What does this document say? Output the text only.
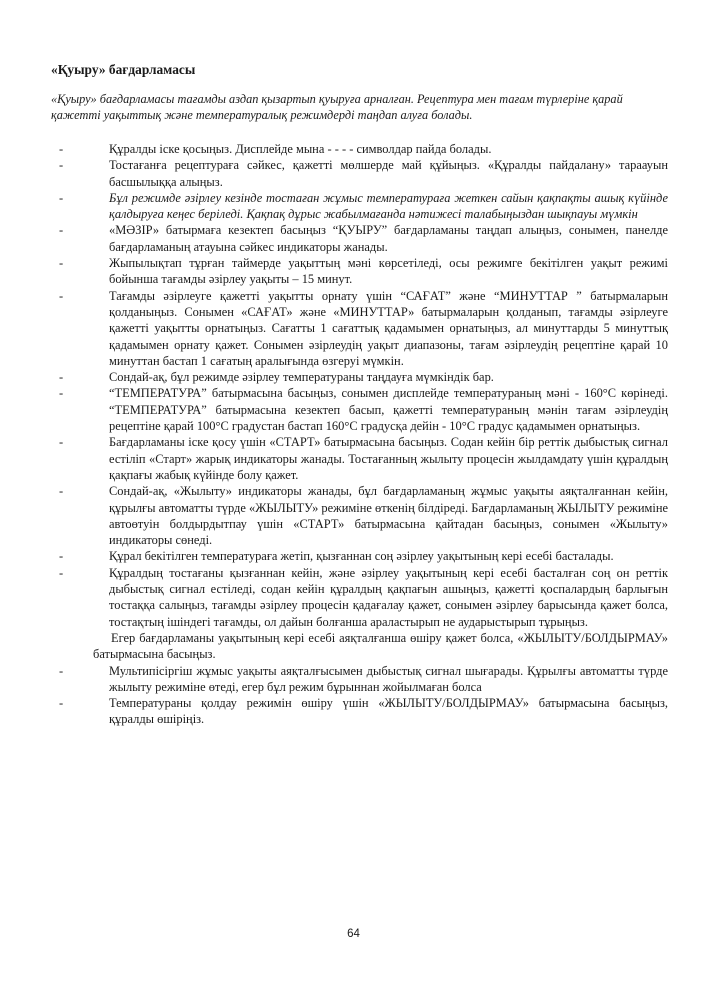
«Қуыру» бағдарламасы

«Қуыру» бағдарламасы тағамды аздап қызартып қуыруға арналған. Рецептура мен тағам түрлеріне қарай қажетті уақыттық және температуралық режимдерді таңдап алуға болады.

-	Құралды іске қосыңыз. Дисплейде мына - - - - символдар пайда болады.
-	Тостағанға рецептураға сәйкес, қажетті мөлшерде май құйыңыз. «Құралды пайдалану» тараауын басшылыққа алыңыз.
-	Бұл режимде әзірлеу кезінде тостаған жұмыс температураға жеткен сайын қақпақты ашық күйінде қалдыруға кеңес беріледі. Қақпақ дұрыс жабылмағанда нәтижесі талабыңыздан шықпауы мүмкін
-	«МӘЗІР» батырмаға кезектеп басыңыз “ҚУЫРУ” бағдарламаны таңдап алыңыз, сонымен, панелде бағдарламаның атауына сәйкес индикаторы жанады.
-	Жыпылықтап тұрған таймерде уақыттың мәні көрсетіледі, осы режимге бекітілген уақыт режимі бойынша тағамды әзірлеу уақыты – 15 минут.
-	Тағамды әзірлеуге қажетті уақытты орнату үшін “САҒАТ” және “МИНУТТАР ” батырмаларын қолданыңыз. Сонымен «САҒАТ» және «МИНУТТАР» батырмаларын қолданып, тағамды әзірлеуге қажетті уақытты орнатыңыз. Сағатты 1 сағаттық қадамымен орнатыңыз, ал минуттарды 5 минуттық қадамымен орнату қажет. Сонымен әзірлеудің уақыт диапазоны, тағам әзірлеудің рецептіне қарай 10 минуттан бастап 1 сағатың аралығында өзгеруі мүмкін.
-	Сондай-ақ, бұл режимде әзірлеу температураны таңдауға мүмкіндік бар.
-	“ТЕМПЕРАТУРА” батырмасына басыңыз, сонымен дисплейде температураның мәні - 160°С көрінеді. “ТЕМПЕРАТУРА” батырмасына кезектеп басып, қажетті температураның мәнін тағам әзірлеудің рецептіне қарай 100°С градустан бастап 160°С градусқа дейін - 10°С градус қадамымен орнатыңыз.
-	Бағдарламаны іске қосу үшін «СТАРТ» батырмасына басыңыз. Содан кейін бір реттік дыбыстық сигнал естіліп «Старт» жарық индикаторы жанады. Тостағанның жылыту процесін жылдамдату үшін құралдың қақпағы жабық күйінде болу қажет.
-	Сондай-ақ, «Жылыту» индикаторы жанады, бұл бағдарламаның жұмыс уақыты аяқталғаннан кейін, құрылғы автоматты түрде «ЖЫЛЫТУ» режиміне өткенің білдіреді. Бағдарламаның ЖЫЛЫТУ режиміне автоөтуін болдырдытпау үшін «СТАРТ» батырмасына қайтадан басыңыз, сонымен «Жылыту» индикаторы сөнеді.
-	Құрал бекітілген температураға жетіп, қызғаннан соң әзірлеу уақытының кері есебі басталады.
-	Құралдың тостағаны қызғаннан кейін, және әзірлеу уақытының кері есебі басталған соң он реттік дыбыстық сигнал естіледі, содан кейін құралдың қақпағын ашыңыз, қажетті қоспалардың барлығын тостаққа салыңыз, тағамды әзірлеу процесін қадағалау қажет, сонымен әзірлеу барысында қажет болса, тостақтың ішіндегі тағамды, ол дайын болғанша араластырып не аударыстырып тұрыңыз.
Егер бағдарламаны уақытының кері есебі аяқталғанша өшіру қажет болса, «ЖЫЛЫТУ/БОЛДЫРМАУ» батырмасына басыңыз.
-	Мультипісіргіш жұмыс уақыты аяқталғысымен дыбыстық сигнал шығарады. Құрылғы автоматты түрде жылыту режиміне өтеді, егер бұл режим бұрыннан жойылмаған болса
-	Температураны қолдау режимін өшіру үшін «ЖЫЛЫТУ/БОЛДЫРМАУ» батырмасына басыңыз, құралды өшіріңіз.
64
